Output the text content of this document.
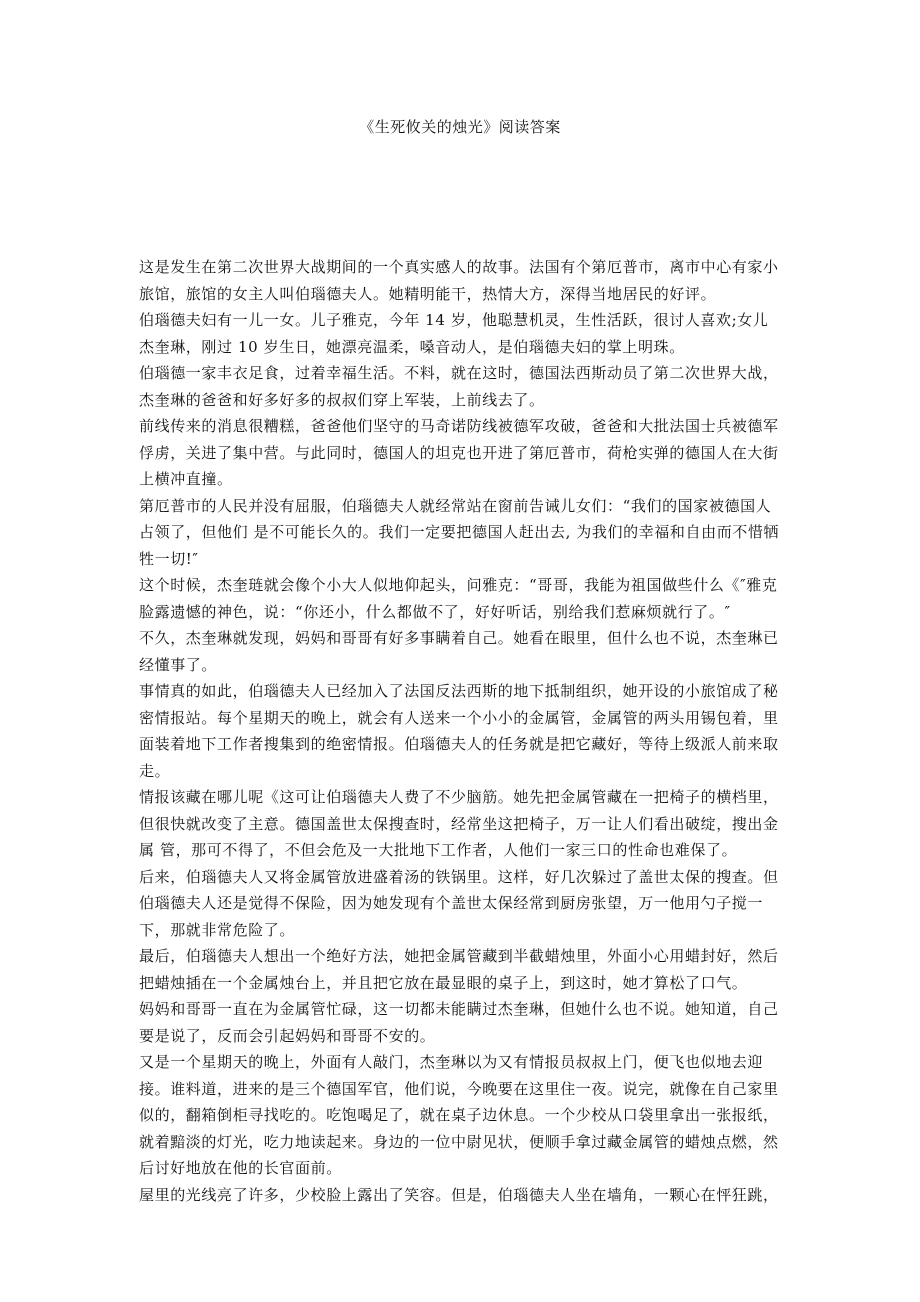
《生死攸关的烛光》阅读答案

这是发生在第二次世界大战期间的一个真实感人的故事。法国有个第厄普市，离市中心有家小旅馆，旅馆的女主人叫伯瑙德夫人。她精明能干，热情大方，深得当地居民的好评。

伯瑙德夫妇有一儿一女。儿子雅克，今年 14 岁，他聪慧机灵，生性活跃，很讨人喜欢;女儿杰奎琳，刚过 10 岁生日，她漂亮温柔，嗓音动人，是伯瑙德夫妇的掌上明珠。

伯瑙德一家丰衣足食，过着幸福生活。不料，就在这时，德国法西斯动员了第二次世界大战，杰奎琳的爸爸和好多好多的叔叔们穿上军装，上前线去了。

前线传来的消息很糟糕，爸爸他们坚守的马奇诺防线被德军攻破，爸爸和大批法国士兵被德军俘虏，关进了集中营。与此同时，德国人的坦克也开进了第厄普市，荷枪实弹的德国人在大街 上横冲直撞。

第厄普市的人民并没有屈服，伯瑙德夫人就经常站在窗前告诫儿女们：“我们的国家被德国人占领了，但他们 是不可能长久的。我们一定要把德国人赶出去, 为我们的幸福和自由而不惜牺牲一切!″

这个时候，杰奎琏就会像个小大人似地仰起头，问雅克：“哥哥，我能为祖国做些什么《″雅克脸露遗憾的神色，说：“你还小，什么都做不了，好好听话，别给我们惹麻烦就行了。″

不久，杰奎琳就发现，妈妈和哥哥有好多事瞒着自己。她看在眼里，但什么也不说，杰奎琳已经懂事了。

事情真的如此，伯瑙德夫人已经加入了法国反法西斯的地下抵制组织，她开设的小旅馆成了秘密情报站。每个星期天的晚上，就会有人送来一个小小的金属管，金属管的两头用锡包着，里面装着地下工作者搜集到的绝密情报。伯瑙德夫人的任务就是把它藏好，等待上级派人前来取走。

情报该藏在哪儿呢《这可让伯瑙德夫人费了不少脑筋。她先把金属管藏在一把椅子的横档里，但很快就改变了主意。德国盖世太保搜查时，经常坐这把椅子，万一让人们看出破绽，搜出金属 管，那可不得了，不但会危及一大批地下工作者，人他们一家三口的性命也难保了。

后来，伯瑙德夫人又将金属管放进盛着汤的铁锅里。这样，好几次躲过了盖世太保的搜查。但伯瑙德夫人还是觉得不保险，因为她发现有个盖世太保经常到厨房张望，万一他用勺子搅一下，那就非常危险了。

最后，伯瑙德夫人想出一个绝好方法，她把金属管藏到半截蜡烛里，外面小心用蜡封好，然后把蜡烛插在一个金属烛台上，并且把它放在最显眼的桌子上，到这时，她才算松了口气。

妈妈和哥哥一直在为金属管忙碌，这一切都未能瞒过杰奎琳，但她什么也不说。她知道，自己要是说了，反而会引起妈妈和哥哥不安的。

又是一个星期天的晚上，外面有人敲门，杰奎琳以为又有情报员叔叔上门，便飞也似地去迎接。谁料道，进来的是三个德国军官，他们说，今晚要在这里住一夜。说完，就像在自己家里似的，翻箱倒柜寻找吃的。吃饱喝足了，就在桌子边休息。一个少校从口袋里拿出一张报纸，就着黯淡的灯光，吃力地读起来。身边的一位中尉见状，便顺手拿过藏金属管的蜡烛点燃，然后讨好地放在他的长官面前。

屋里的光线亮了许多，少校脸上露出了笑容。但是，伯瑙德夫人坐在墙角，一颗心在怦狂跳，
